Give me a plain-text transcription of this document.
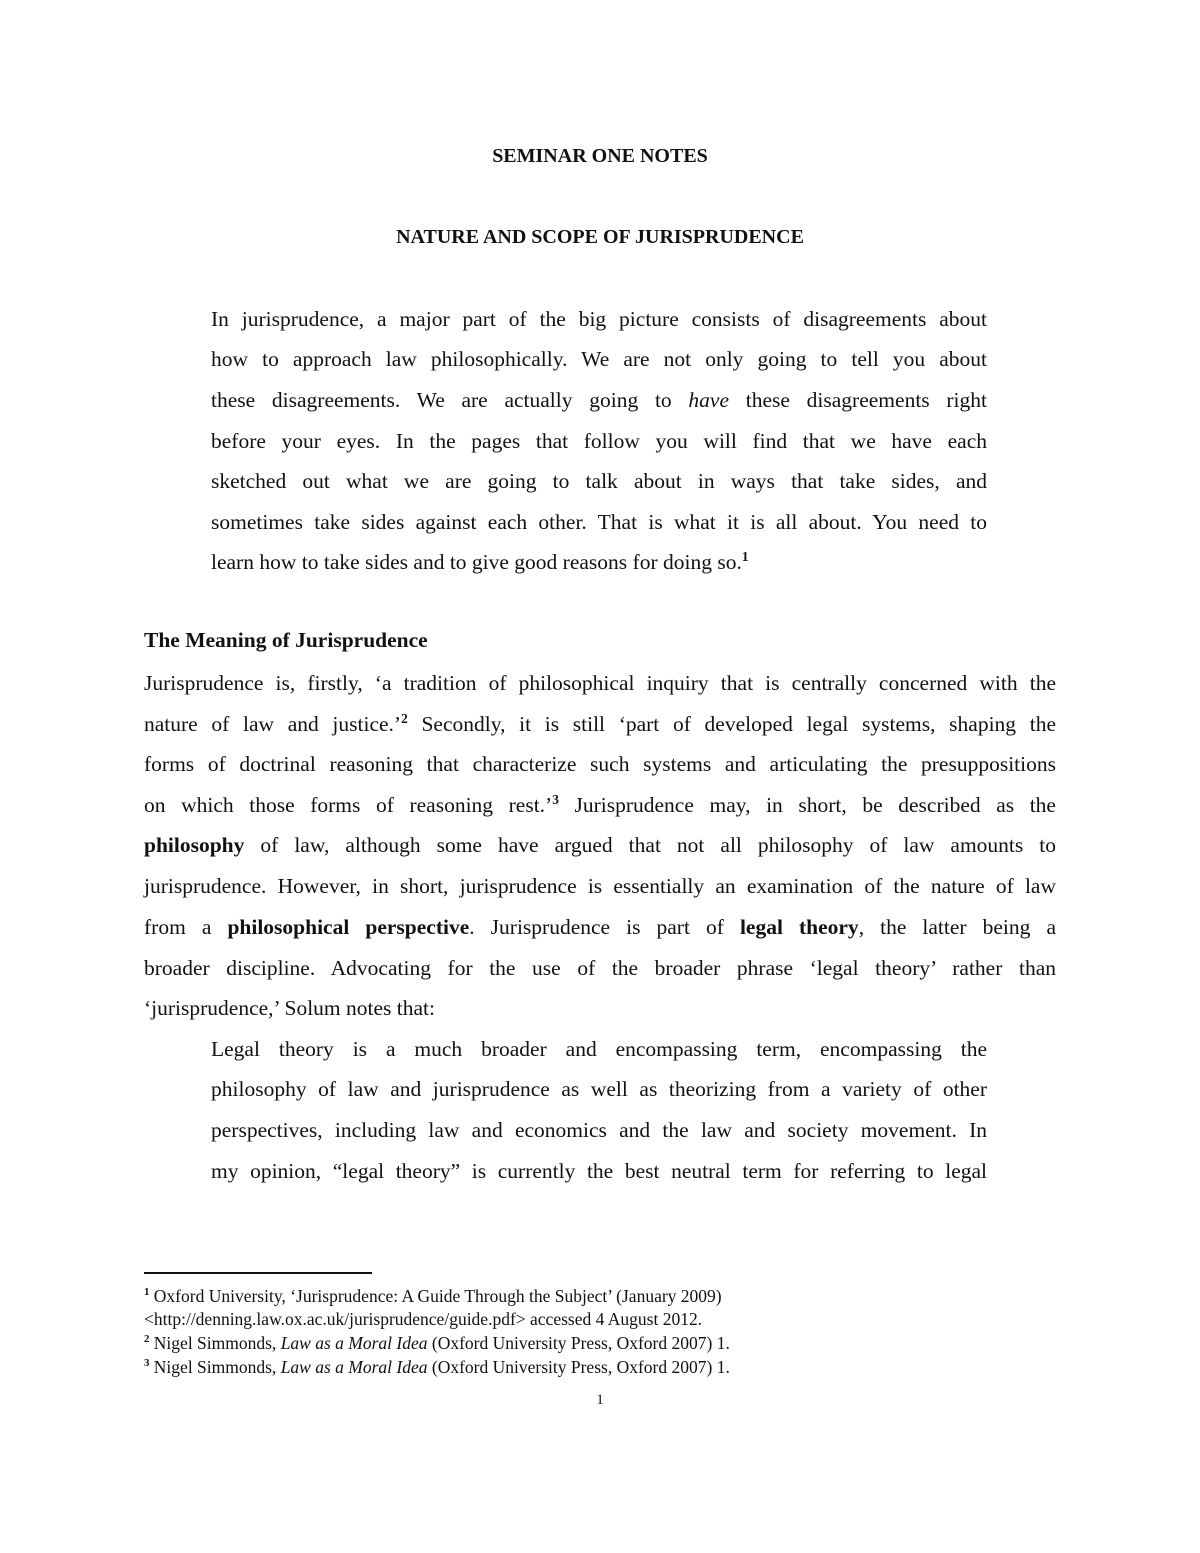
SEMINAR ONE NOTES
NATURE AND SCOPE OF JURISPRUDENCE
In jurisprudence, a major part of the big picture consists of disagreements about
how to approach law philosophically. We are not only going to tell you about
these disagreements. We are actually going to have these disagreements right
before your eyes. In the pages that follow you will find that we have each
sketched out what we are going to talk about in ways that take sides, and
sometimes take sides against each other. That is what it is all about. You need to
learn how to take sides and to give good reasons for doing so.$^1$
The Meaning of Jurisprudence
Jurisprudence is, firstly, ‘a tradition of philosophical inquiry that is centrally concerned with the
nature of law and justice.’$^2$ Secondly, it is still ‘part of developed legal systems, shaping the
forms of doctrinal reasoning that characterize such systems and articulating the presuppositions
on which those forms of reasoning rest.’$^3$ Jurisprudence may, in short, be described as the
philosophy of law, although some have argued that not all philosophy of law amounts to
jurisprudence. However, in short, jurisprudence is essentially an examination of the nature of law
from a philosophical perspective. Jurisprudence is part of legal theory, the latter being a
broader discipline. Advocating for the use of the broader phrase ‘legal theory’ rather than
‘jurisprudence,’ Solum notes that:
Legal theory is a much broader and encompassing term, encompassing the
philosophy of law and jurisprudence as well as theorizing from a variety of other
perspectives, including law and economics and the law and society movement. In
my opinion, “legal theory” is currently the best neutral term for referring to legal
$^1$ Oxford University, ‘Jurisprudence: A Guide Through the Subject’ (January 2009)
<http://denning.law.ox.ac.uk/jurisprudence/guide.pdf> accessed 4 August 2012.
$^2$ Nigel Simmonds, Law as a Moral Idea (Oxford University Press, Oxford 2007) 1.
$^3$ Nigel Simmonds, Law as a Moral Idea (Oxford University Press, Oxford 2007) 1.
1
